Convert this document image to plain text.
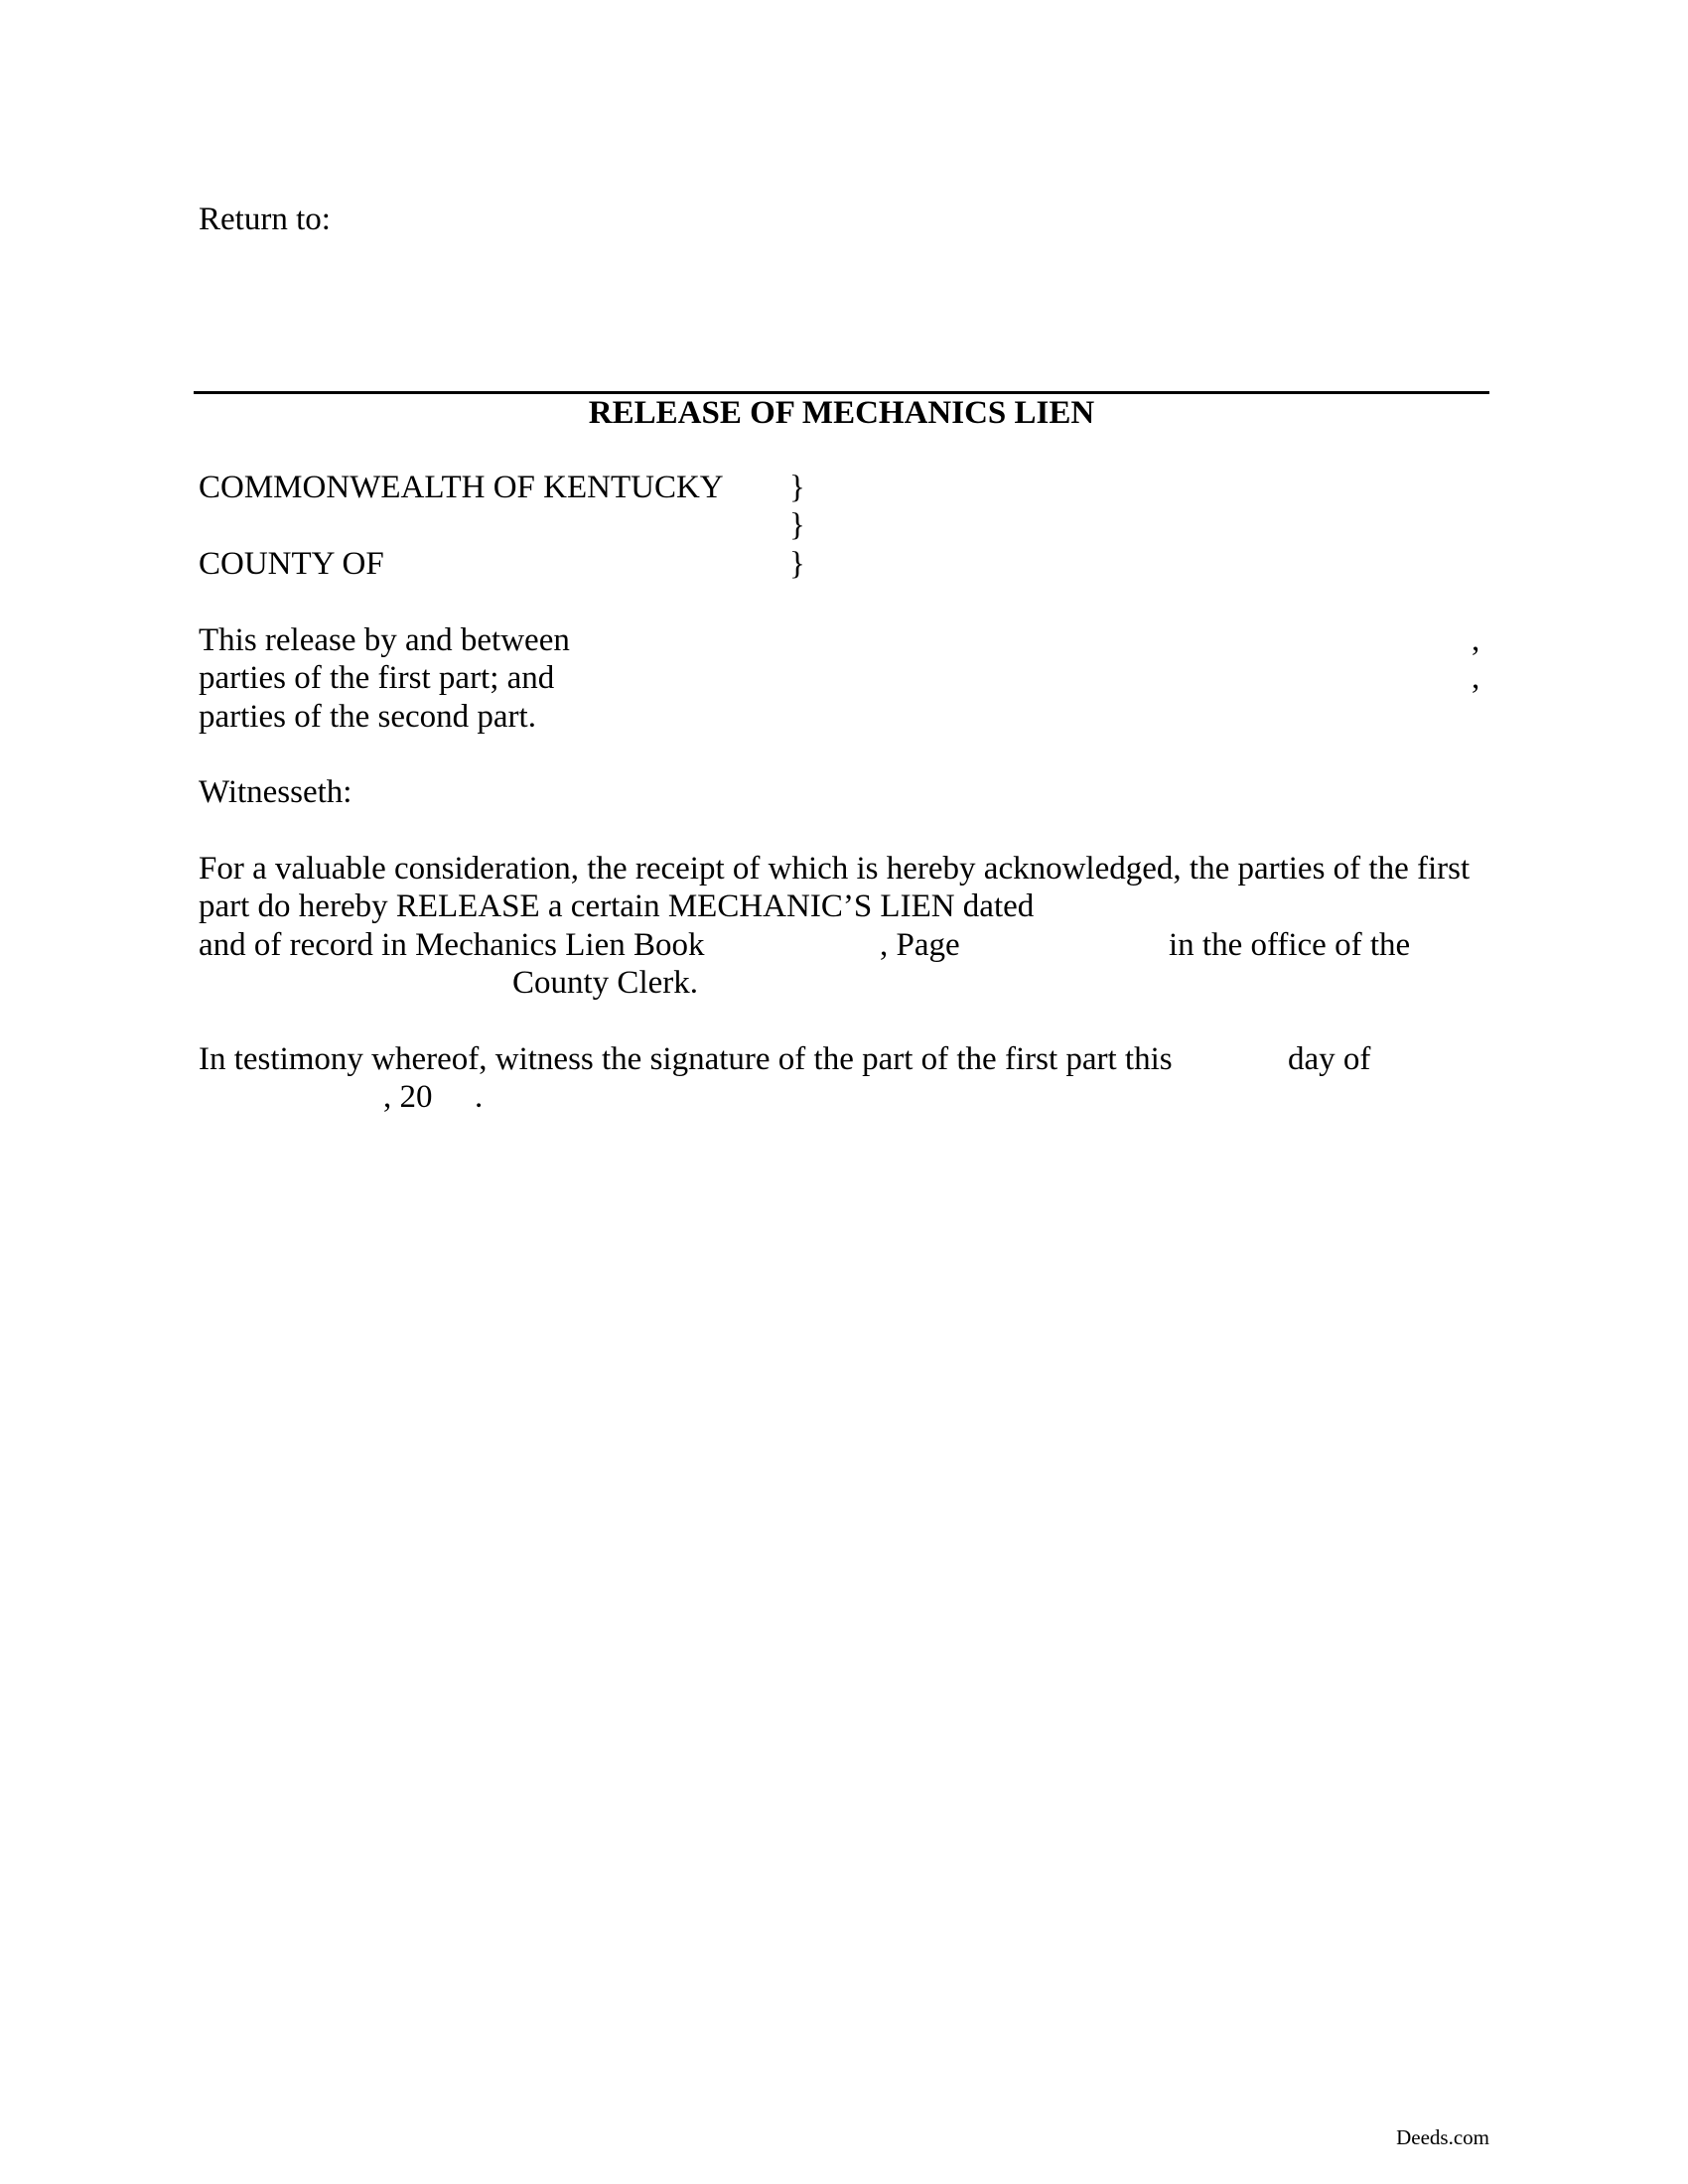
Return to:

RELEASE OF MECHANICS LIEN

COMMONWEALTH OF KENTUCKY }

}

COUNTY OF	}

This release by and between	,

parties of the first part; and	,

parties of the second part.

Witnesseth:

For a valuable consideration, the receipt of which is hereby acknowledged, the parties of the first

part do hereby RELEASE a certain MECHANIC’S LIEN dated

and of record in Mechanics Lien Book	, Page	in the office of the

County Clerk.

In testimony whereof, witness the signature of the part of the first part this	day of

, 20 .

Deeds.com
